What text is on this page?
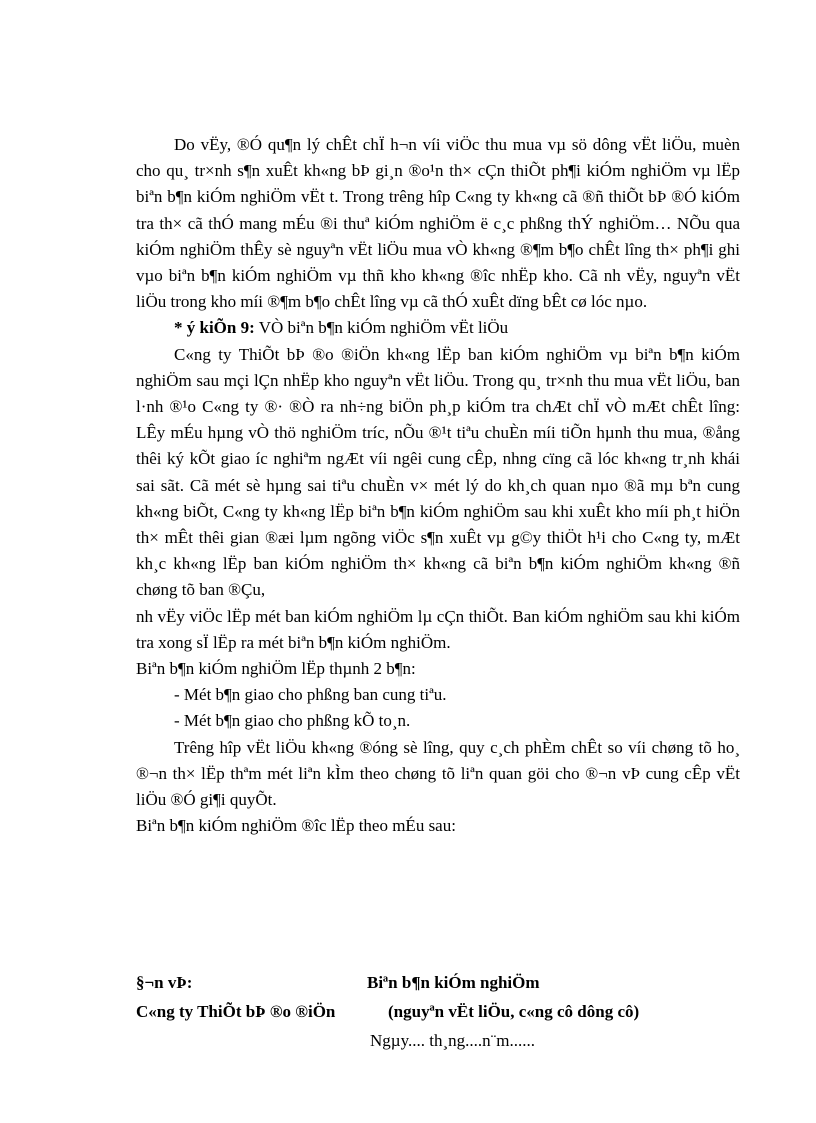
Do vËy, ®Ó qu¶n lý chÊt chÏ h¬n víi viÖc thu mua vµ sö dông vËt liÖu, muèn cho qu¸ tr×nh s¶n xuÊt kh«ng bÞ gi¸n ®o¹n th× cÇn thiÕt ph¶i kiÓm nghiÖm vµ lËp biªn b¶n kiÓm nghiÖm vËt t. Trong trêng hîp C«ng ty kh«ng cã ®ñ thiÕt bÞ ®Ó kiÓm tra th× cã thÓ mang mÉu ®i thuª kiÓm nghiÖm ë c¸c phßng thÝ nghiÖm… NÕu qua kiÓm nghiÖm thÊy sè nguyªn vËt liÖu mua vÒ kh«ng ®¶m b¶o chÊt lîng th× ph¶i ghi vµo biªn b¶n kiÓm nghiÖm vµ thñ kho kh«ng ®îc nhËp kho. Cã nh vËy, nguyªn vËt liÖu trong kho míi ®¶m b¶o chÊt lîng vµ cã thÓ xuÊt dïng bÊt cø lóc nµo.

* ý kiÕn 9: VÒ biªn b¶n kiÓm nghiÖm vËt liÖu

C«ng ty ThiÕt bÞ ®o ®iÖn kh«ng lËp ban kiÓm nghiÖm vµ biªn b¶n kiÓm nghiÖm sau mçi lÇn nhËp kho nguyªn vËt liÖu. Trong qu¸ tr×nh thu mua vËt liÖu, ban l·nh ®¹o C«ng ty ®· ®Ò ra nh÷ng biÖn ph¸p kiÓm tra chÆt chÏ vÒ mÆt chÊt lîng: LÊy mÉu hµng vÒ thö nghiÖm tríc, nÕu ®¹t tiªu chuÈn míi tiÕn hµnh thu mua, ®ång thêi ký kÕt giao íc nghiªm ngÆt víi ngêi cung cÊp, nhng cïng cã lóc kh«ng tr¸nh khái sai sãt. Cã mét sè hµng sai tiªu chuÈn v× mét lý do kh¸ch quan nµo ®ã mµ bªn cung kh«ng biÕt, C«ng ty kh«ng lËp biªn b¶n kiÓm nghiÖm sau khi xuÊt kho míi ph¸t hiÖn th× mÊt thêi gian ®æi lµm ngõng viÖc s¶n xuÊt vµ g©y thiÖt h¹i cho C«ng ty, mÆt kh¸c kh«ng lËp ban kiÓm nghiÖm th× kh«ng cã biªn b¶n kiÓm nghiÖm kh«ng ®ñ chøng tõ ban ®Çu,

nh vËy viÖc lËp mét ban kiÓm nghiÖm lµ cÇn thiÕt. Ban kiÓm nghiÖm sau khi kiÓm tra xong sÏ lËp ra mét biªn b¶n kiÓm nghiÖm.

Biªn b¶n kiÓm nghiÖm lËp thµnh 2 b¶n:

- Mét b¶n giao cho phßng ban cung tiªu.

- Mét b¶n giao cho phßng kÕ to¸n.

Trêng hîp vËt liÖu kh«ng ®óng sè lîng, quy c¸ch phÈm chÊt so víi chøng tõ ho¸ ®¬n th× lËp thªm mét liªn kÌm theo chøng tõ liªn quan göi cho ®¬n vÞ cung cÊp vËt liÖu ®Ó gi¶i quyÕt.

Biªn b¶n kiÓm nghiÖm ®îc lËp theo mÉu sau:

§¬n vÞ:	Biªn b¶n kiÓm nghiÖm
C«ng ty ThiÕt bÞ ®o ®iÖn	(nguyªn vËt liÖu, c«ng cô dông cô)
Ngµy.... th¸ng....n¨m......
